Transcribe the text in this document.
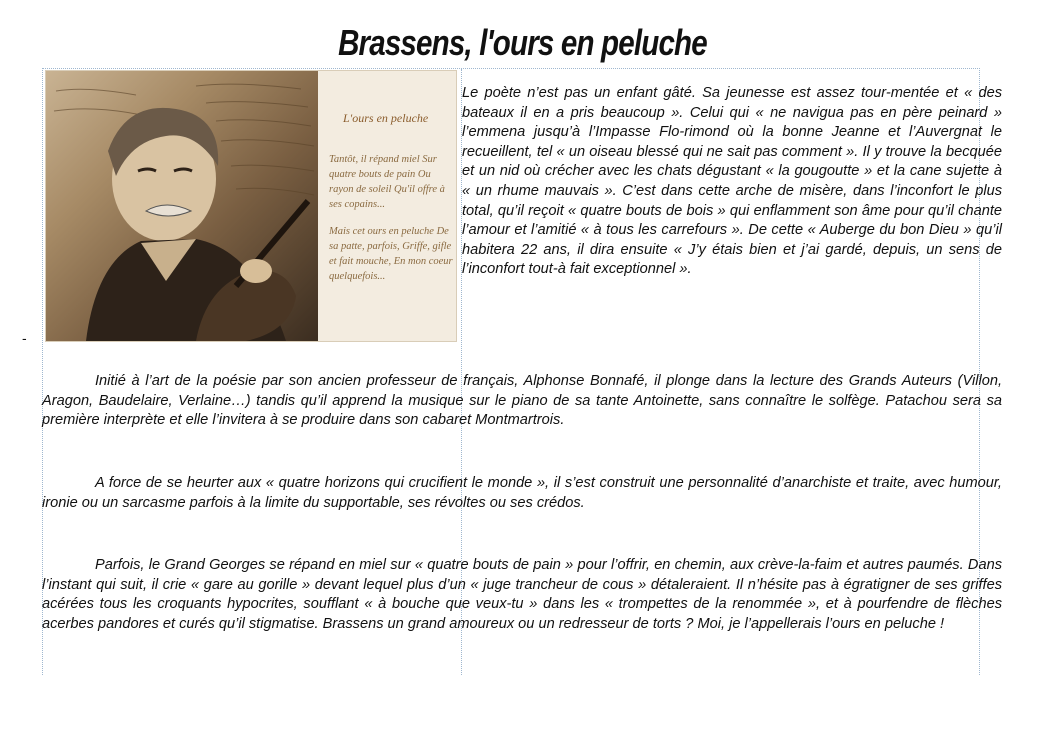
Brassens, l'ours en peluche
-
L'ours en peluche

Tantôt, il répand miel Sur quatre bouts de pain Ou rayon de soleil Qu'il offre à ses copains...

Mais cet ours en peluche De sa patte, parfois, Griffe, gifle et fait mouche, En mon coeur quelquefois...

Le poète n’est pas un enfant gâté. Sa jeunesse est assez tour-mentée et « des bateaux il en a pris beaucoup ». Celui qui « ne navigua pas en père peinard » l’emmena jusqu’à l’Impasse Flo-rimond où la bonne Jeanne et l’Auvergnat le recueillent, tel « un oiseau blessé qui ne sait pas comment ». Il y trouve la becquée et un nid où crécher avec les chats dégustant « la gougoutte » et la cane sujette à « un rhume mauvais ». C’est dans cette arche de misère, dans l’inconfort le plus total, qu’il reçoit « quatre bouts de bois » qui enflamment son âme pour qu’il chante l’amour et l’amitié « à tous les carrefours ». De cette « Auberge du bon Dieu » qu’il habitera 22 ans, il dira ensuite « J’y étais bien et j’ai gardé, depuis, un sens de l’inconfort tout-à fait exceptionnel ».

Initié à l’art de la poésie par son ancien professeur de français, Alphonse Bonnafé, il plonge dans la lecture des Grands Auteurs (Villon, Aragon, Baudelaire, Verlaine…) tandis qu’il apprend la musique sur le piano de sa tante Antoinette, sans connaître le solfège. Patachou sera sa première interprète et elle l’invitera à se produire dans son cabaret Montmartrois.

A force de se heurter aux « quatre horizons qui crucifient le monde », il s’est construit une personnalité d’anarchiste et traite, avec humour, ironie ou un sarcasme parfois à la limite du supportable, ses révoltes ou ses crédos.

Parfois, le Grand Georges se répand en miel sur « quatre bouts de pain » pour l’offrir, en chemin, aux crève-la-faim et autres paumés. Dans l’instant qui suit, il crie « gare au gorille » devant lequel plus d’un « juge trancheur de cous » détaleraient. Il n’hésite pas à égratigner de ses griffes acérées tous les croquants hypocrites, soufflant « à bouche que veux-tu » dans les « trompettes de la renommée », et à pourfendre de flèches acerbes pandores et curés qu’il stigmatise. Brassens un grand amoureux ou un redresseur de torts ? Moi, je l’appellerais l’ours en peluche !
